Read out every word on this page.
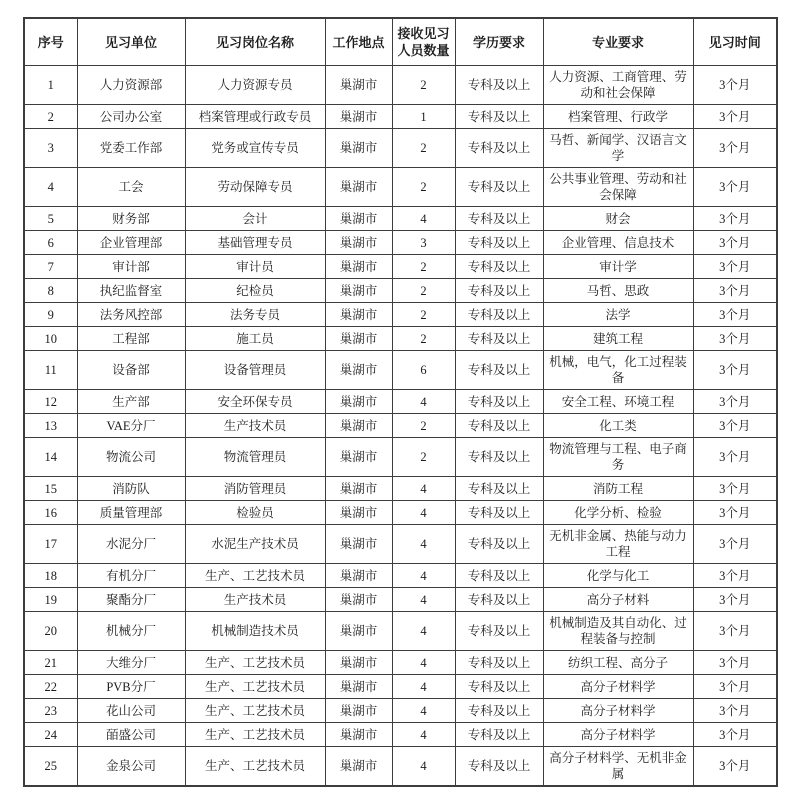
序号	见习单位	见习岗位名称	工作地点	接收见习人员数量	学历要求	专业要求	见习时间
1	人力资源部	人力资源专员	巢湖市	2	专科及以上	人力资源、工商管理、劳动和社会保障	3个月
2	公司办公室	档案管理或行政专员	巢湖市	1	专科及以上	档案管理、行政学	3个月
3	党委工作部	党务或宣传专员	巢湖市	2	专科及以上	马哲、新闻学、汉语言文学	3个月
4	工会	劳动保障专员	巢湖市	2	专科及以上	公共事业管理、劳动和社会保障	3个月
5	财务部	会计	巢湖市	4	专科及以上	财会	3个月
6	企业管理部	基础管理专员	巢湖市	3	专科及以上	企业管理、信息技术	3个月
7	审计部	审计员	巢湖市	2	专科及以上	审计学	3个月
8	执纪监督室	纪检员	巢湖市	2	专科及以上	马哲、思政	3个月
9	法务风控部	法务专员	巢湖市	2	专科及以上	法学	3个月
10	工程部	施工员	巢湖市	2	专科及以上	建筑工程	3个月
11	设备部	设备管理员	巢湖市	6	专科及以上	机械，电气，化工过程装备	3个月
12	生产部	安全环保专员	巢湖市	4	专科及以上	安全工程、环境工程	3个月
13	VAE分厂	生产技术员	巢湖市	2	专科及以上	化工类	3个月
14	物流公司	物流管理员	巢湖市	2	专科及以上	物流管理与工程、电子商务	3个月
15	消防队	消防管理员	巢湖市	4	专科及以上	消防工程	3个月
16	质量管理部	检验员	巢湖市	4	专科及以上	化学分析、检验	3个月
17	水泥分厂	水泥生产技术员	巢湖市	4	专科及以上	无机非金属、热能与动力工程	3个月
18	有机分厂	生产、工艺技术员	巢湖市	4	专科及以上	化学与化工	3个月
19	聚酯分厂	生产技术员	巢湖市	4	专科及以上	高分子材料	3个月
20	机械分厂	机械制造技术员	巢湖市	4	专科及以上	机械制造及其自动化、过程装备与控制	3个月
21	大维分厂	生产、工艺技术员	巢湖市	4	专科及以上	纺织工程、高分子	3个月
22	PVB分厂	生产、工艺技术员	巢湖市	4	专科及以上	高分子材料学	3个月
23	花山公司	生产、工艺技术员	巢湖市	4	专科及以上	高分子材料学	3个月
24	皕盛公司	生产、工艺技术员	巢湖市	4	专科及以上	高分子材料学	3个月
25	金泉公司	生产、工艺技术员	巢湖市	4	专科及以上	高分子材料学、无机非金属	3个月
